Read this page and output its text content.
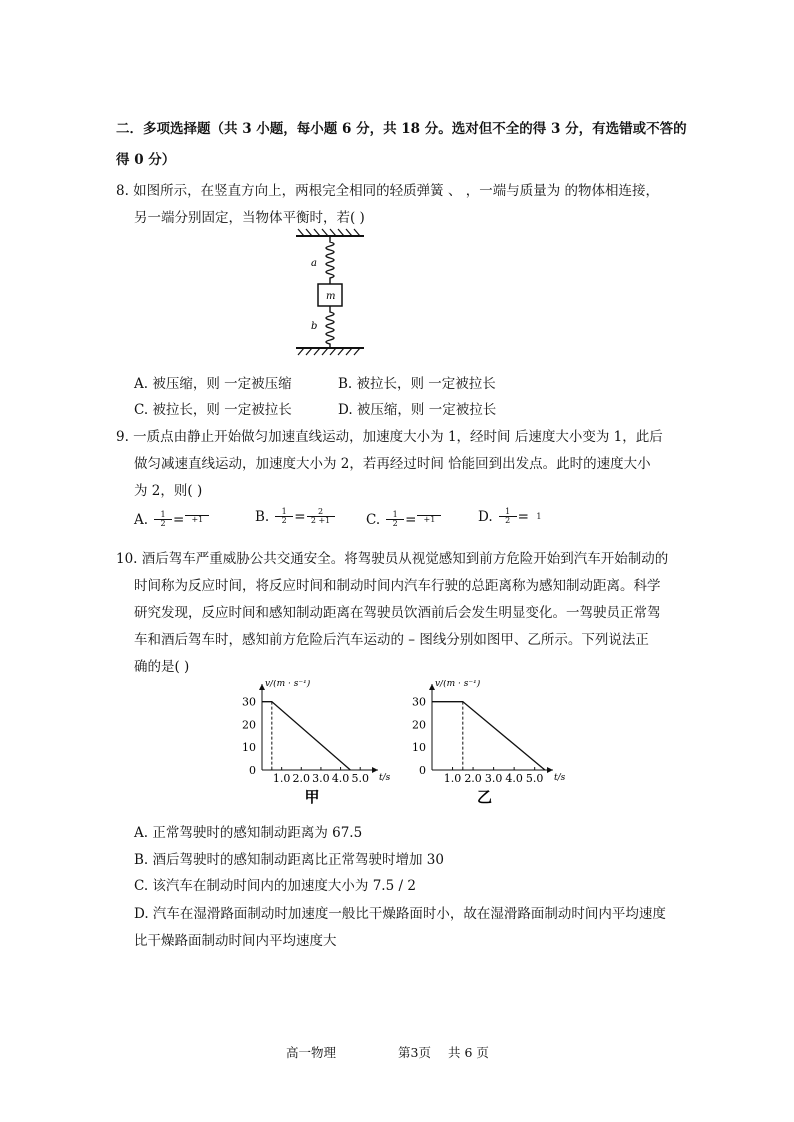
二．多项选择题（共 3 小题，每小题 6 分，共 18 分。选对但不全的得 3 分，有选错或不答的
得 0 分）
8. 如图所示，在竖直方向上，两根完全相同的轻质弹簧 、 ，一端与质量为 的物体相连接，
另一端分别固定，当物体平衡时，若( )
a
m
b
A. 被压缩，则 一定被压缩	B. 被拉长，则 一定被拉长
C. 被拉长，则 一定被拉长	D. 被压缩，则 一定被拉长
9. 一质点由静止开始做匀加速直线运动，加速度大小为 1，经时间 后速度大小变为 1，此后
做匀减速直线运动，加速度大小为 2，若再经过时间 恰能回到出发点。此时的速度大小
为 2，则( )
A. $\frac{1}{2} = +1$	B. $\frac{1}{2} = \frac{2}{2 +1} C$. $\frac{1}{2} = +1$	D. $\frac{1}{2} = 1$
10. 酒后驾车严重威胁公共交通安全。将驾驶员从视觉感知到前方危险开始到汽车开始制动的
时间称为反应时间，将反应时间和制动时间内汽车行驶的总距离称为感知制动距离。科学
研究发现，反应时间和感知制动距离在驾驶员饮酒前后会发生明显变化。一驾驶员正常驾
车和酒后驾车时，感知前方危险后汽车运动的 – 图线分别如图甲、乙所示。下列说法正
确的是( )
v/(m · s⁻¹)
t/s
0
10
20
30
1.0 2.0 3.0 4.0 5.0
甲
v/(m · s⁻¹)
t/s
0
10
20
30
1.0 2.0 3.0 4.0 5.0
乙
A. 正常驾驶时的感知制动距离为 67.5
B. 酒后驾驶时的感知制动距离比正常驾驶时增加 30
C. 该汽车在制动时间内的加速度大小为 7.5 / 2
D. 汽车在湿滑路面制动时加速度一般比干燥路面时小，故在湿滑路面制动时间内平均速度
比干燥路面制动时间内平均速度大
高一物理	第3页 共 6 页
